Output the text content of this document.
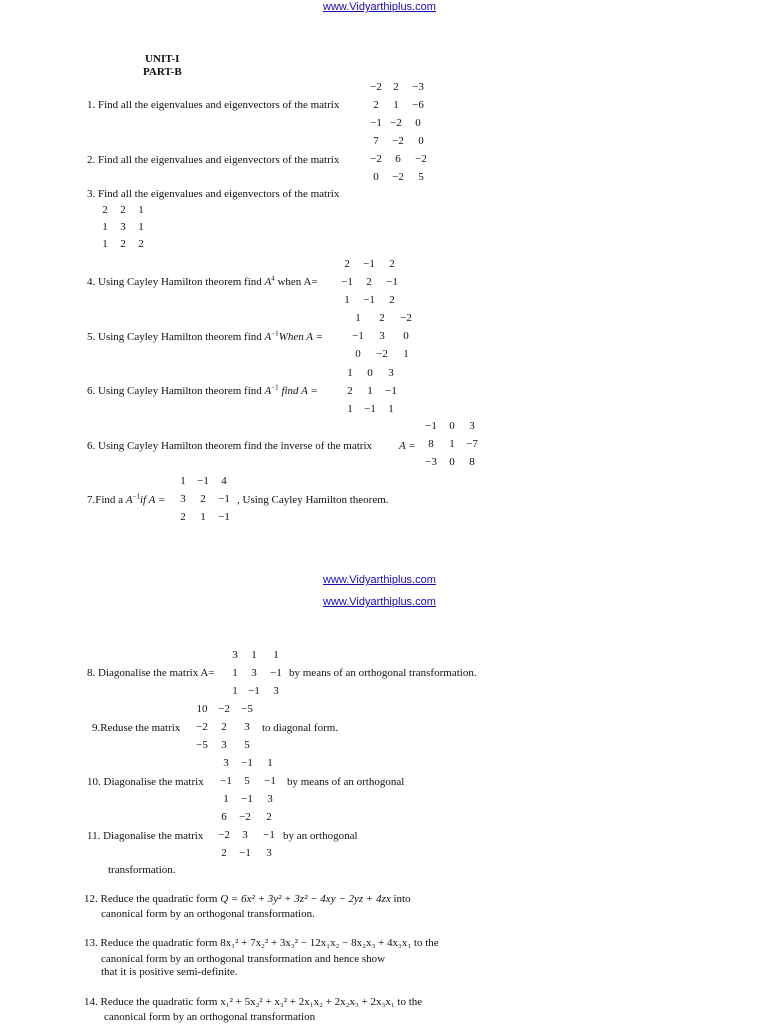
www.Vidyarthiplus.com
UNIT-I
PART-B
1. Find all the eigenvalues and eigenvectors of the matrix
−2 2 −3
2 1 −6
−1 −2 0
2. Find all the eigenvalues and eigenvectors of the matrix
7 −2 0
−2 6 −2
0 −2 5
3. Find all the eigenvalues and eigenvectors of the matrix
2 2 1
1 3 1
1 2 2
4. Using Cayley Hamilton theorem find $A^4$ when A=
2 −1 2
−1 2 −1
1 −1 2
5. Using Cayley Hamilton theorem find $A^{-1}When$ A =
1 2 −2
−1 3 0
0 −2 1
6. Using Cayley Hamilton theorem find $A^{-1}$ find A =
1 0 3
2 1 −1
1 −1 1
6. Using Cayley Hamilton theorem find the inverse of the matrix A =
−1 0 3
8 1 −7
−3 0 8
7.Find a $A^{-1}if$ A =
1 −1 4
3 2 −1
2 1 −1
, Using Cayley Hamilton theorem.
www.Vidyarthiplus.com
www.Vidyarthiplus.com
8. Diagonalise the matrix A=
3 1 1
1 3 −1
1 −1 3
by means of an orthogonal transformation.
9.Reduse the matrix
10 −2 −5
−2 2 3
−5 3 5
to diagonal form.
10. Diagonalise the matrix
3 −1 1
−1 5 −1
1 −1 3
by means of an orthogonal
11. Diagonalise the matrix
6 −2 2
−2 3 −1
2 −1 3
by an orthogonal
transformation.
12. Reduce the quadratic form Q = 6x² + 3y² + 3z² − 4xy − 2yz + 4zx into
canonical form by an orthogonal transformation.
13. Reduce the quadratic form 8x₁² + 7x₂² + 3x₃² − 12x₁x₂ − 8x₂x₃ + 4x₃x₁ to the
canonical form by an orthogonal transformation and hence show
that it is positive semi-definite.
14. Reduce the quadratic form x₁² + 5x₂² + x₃² + 2x₁x₂ + 2x₂x₃ + 2x₃x₁ to the
canonical form by an orthogonal transformation
